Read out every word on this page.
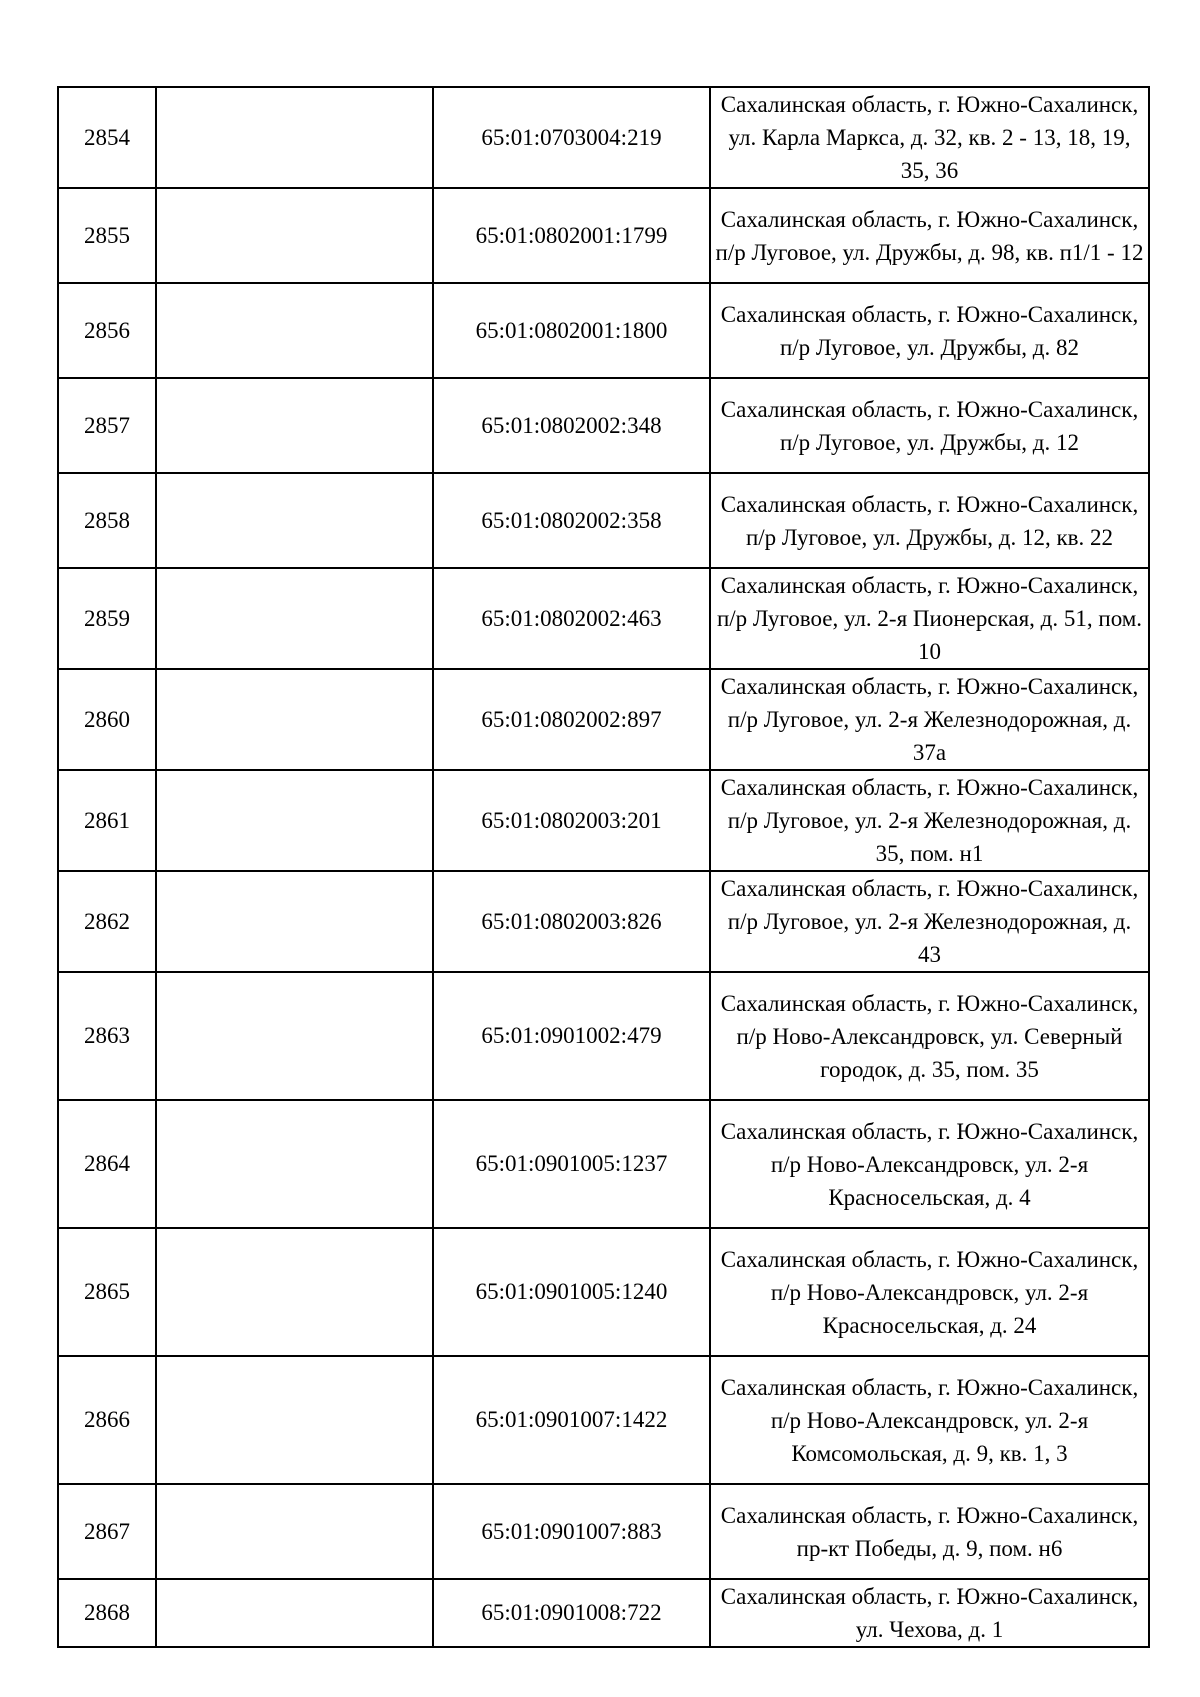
2854		65:01:0703004:219	Сахалинская область, г. Южно-Сахалинск, ул. Карла Маркса, д. 32, кв. 2 - 13, 18, 19, 35, 36
2855		65:01:0802001:1799	Сахалинская область, г. Южно-Сахалинск, п/р Луговое, ул. Дружбы, д. 98, кв. п1/1 - 12
2856		65:01:0802001:1800	Сахалинская область, г. Южно-Сахалинск, п/р Луговое, ул. Дружбы, д. 82
2857		65:01:0802002:348	Сахалинская область, г. Южно-Сахалинск, п/р Луговое, ул. Дружбы, д. 12
2858		65:01:0802002:358	Сахалинская область, г. Южно-Сахалинск, п/р Луговое, ул. Дружбы, д. 12, кв. 22
2859		65:01:0802002:463	Сахалинская область, г. Южно-Сахалинск, п/р Луговое, ул. 2-я Пионерская, д. 51, пом. 10
2860		65:01:0802002:897	Сахалинская область, г. Южно-Сахалинск, п/р Луговое, ул. 2-я Железнодорожная, д. 37а
2861		65:01:0802003:201	Сахалинская область, г. Южно-Сахалинск, п/р Луговое, ул. 2-я Железнодорожная, д. 35, пом. н1
2862		65:01:0802003:826	Сахалинская область, г. Южно-Сахалинск, п/р Луговое, ул. 2-я Железнодорожная, д. 43
2863		65:01:0901002:479	Сахалинская область, г. Южно-Сахалинск, п/р Ново-Александровск, ул. Северный городок, д. 35, пом. 35
2864		65:01:0901005:1237	Сахалинская область, г. Южно-Сахалинск, п/р Ново-Александровск, ул. 2-я Красносельская, д. 4
2865		65:01:0901005:1240	Сахалинская область, г. Южно-Сахалинск, п/р Ново-Александровск, ул. 2-я Красносельская, д. 24
2866		65:01:0901007:1422	Сахалинская область, г. Южно-Сахалинск, п/р Ново-Александровск, ул. 2-я Комсомольская, д. 9, кв. 1, 3
2867		65:01:0901007:883	Сахалинская область, г. Южно-Сахалинск, пр-кт Победы, д. 9, пом. н6
2868		65:01:0901008:722	Сахалинская область, г. Южно-Сахалинск, ул. Чехова, д. 1
